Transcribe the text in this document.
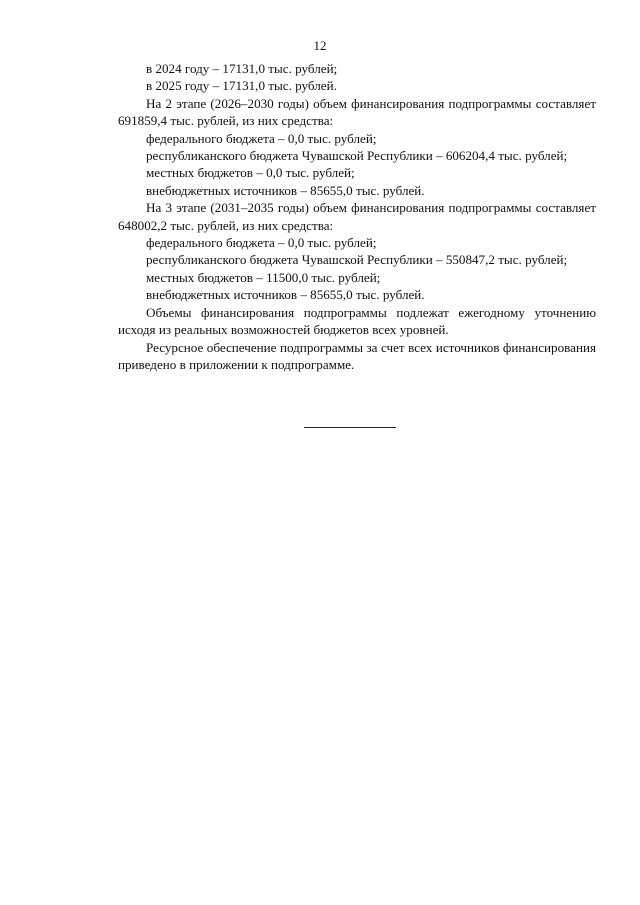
12

в 2024 году – 17131,0 тыс. рублей;

в 2025 году – 17131,0 тыс. рублей.

На 2 этапе (2026–2030 годы) объем финансирования подпрограммы составляет 691859,4 тыс. рублей, из них средства:

федерального бюджета – 0,0 тыс. рублей;

республиканского бюджета Чувашской Республики – 606204,4 тыс. рублей;

местных бюджетов – 0,0 тыс. рублей;

внебюджетных источников – 85655,0 тыс. рублей.

На 3 этапе (2031–2035 годы) объем финансирования подпрограммы составляет 648002,2 тыс. рублей, из них средства:

федерального бюджета – 0,0 тыс. рублей;

республиканского бюджета Чувашской Республики – 550847,2 тыс. рублей;

местных бюджетов – 11500,0 тыс. рублей;

внебюджетных источников – 85655,0 тыс. рублей.

Объемы финансирования подпрограммы подлежат ежегодному уточнению исходя из реальных возможностей бюджетов всех уровней.

Ресурсное обеспечение подпрограммы за счет всех источников финансирования приведено в приложении к подпрограмме.
